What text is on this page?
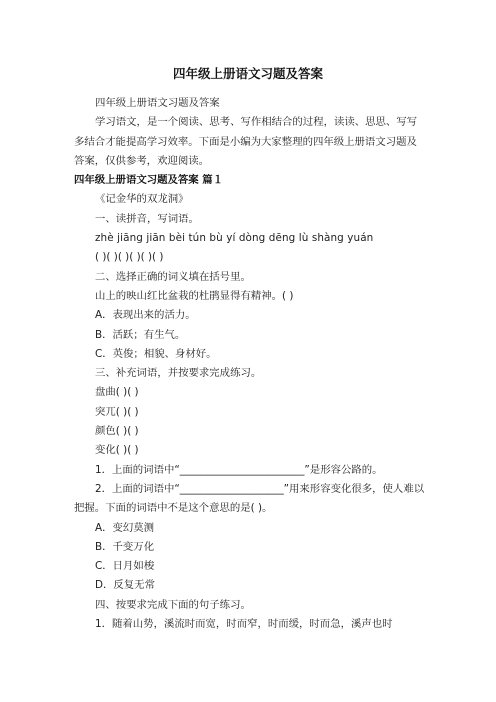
四年级上册语文习题及答案

四年级上册语文习题及答案

学习语文，是一个阅读、思考、写作相结合的过程，读读、思思、写写多结合才能提高学习效率。下面是小编为大家整理的四年级上册语文习题及答案，仅供参考，欢迎阅读。

四年级上册语文习题及答案 篇１

《记金华的双龙洞》

一、读拼音，写词语。

zhè jiāng jiān bèi tún bù yí dòng dēng lù shàng yuán

( )( )( )( )( )( )

二、选择正确的词义填在括号里。

山上的映山红比盆栽的杜鹃显得有精神。( )

A．表现出来的活力。

B．活跃；有生气。

C．英俊；相貌、身材好。

三、补充词语，并按要求完成练习。

盘曲( )( )

突兀( )( )

颜色( )( )

变化( )( )

1．上面的词语中“________________________”是形容公路的。

2．上面的词语中“____________________”用来形容变化很多，使人难以把握。下面的词语中不是这个意思的是( )。

A．变幻莫测

B．千变万化

C．日月如梭

D．反复无常

四、按要求完成下面的句子练习。

1．随着山势，溪流时而宽，时而窄，时而缓，时而急，溪声也时
